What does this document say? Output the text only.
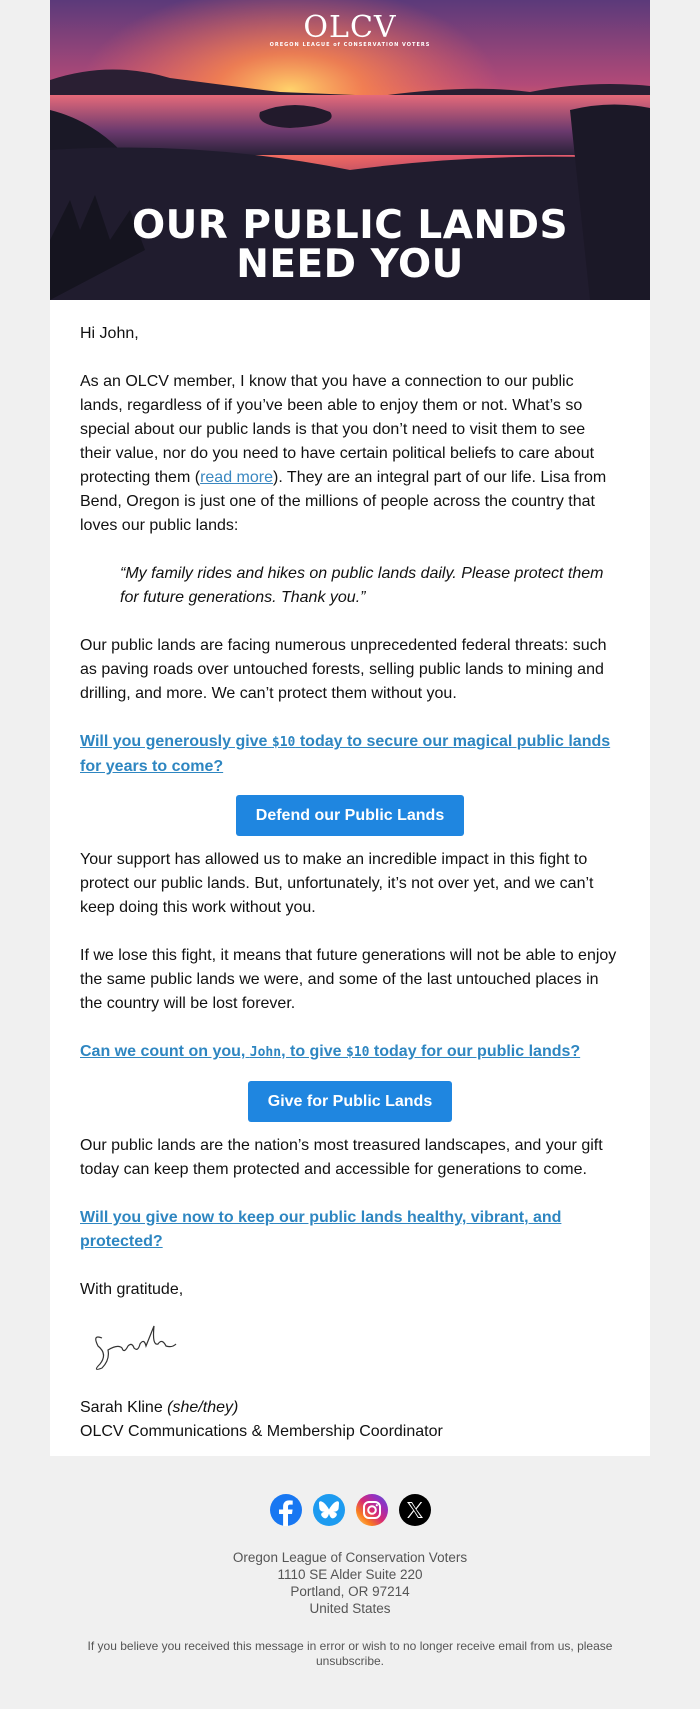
OLCV
OREGON LEAGUE of CONSERVATION VOTERS
OUR PUBLIC LANDS
NEED YOU

Hi John,

As an OLCV member, I know that you have a connection to our public lands, regardless of if you’ve been able to enjoy them or not. What’s so special about our public lands is that you don’t need to visit them to see their value, nor do you need to have certain political beliefs to care about protecting them (read more). They are an integral part of our life. Lisa from Bend, Oregon is just one of the millions of people across the country that loves our public lands:

“My family rides and hikes on public lands daily. Please protect them for future generations. Thank you.”

Our public lands are facing numerous unprecedented federal threats: such as paving roads over untouched forests, selling public lands to mining and drilling, and more. We can’t protect them without you.

Will you generously give $10 today to secure our magical public lands for years to come?

Defend our Public Lands

Your support has allowed us to make an incredible impact in this fight to protect our public lands. But, unfortunately, it’s not over yet, and we can’t keep doing this work without you.

If we lose this fight, it means that future generations will not be able to enjoy the same public lands we were, and some of the last untouched places in the country will be lost forever.

Can we count on you, John, to give $10 today for our public lands?

Give for Public Lands

Our public lands are the nation’s most treasured landscapes, and your gift today can keep them protected and accessible for generations to come.

Will you give now to keep our public lands healthy, vibrant, and protected?

With gratitude,

Sarah Kline (she/they)
OLCV Communications & Membership Coordinator
Oregon League of Conservation Voters
1110 SE Alder Suite 220
Portland, OR 97214
United States
If you believe you received this message in error or wish to no longer receive email from us, please unsubscribe.
